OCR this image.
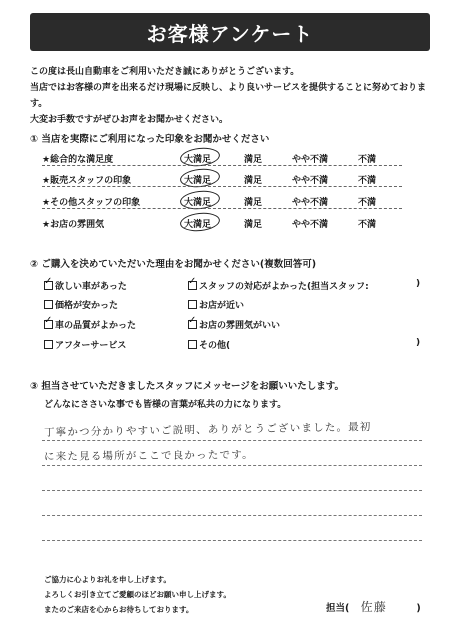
お客様アンケート
この度は長山自動車をご利用いただき誠にありがとうございます。
当店ではお客様の声を出来るだけ現場に反映し、より良いサービスを提供することに努めております。
大変お手数ですがぜひお声をお聞かせください。
① 当店を実際にご利用になった印象をお聞かせください
★総合的な満足度	大満足	満足	やや不満	不満
★販売スタッフの印象	大満足	満足	やや不満	不満
★その他スタッフの印象	大満足	満足	やや不満	不満
★お店の雰囲気	大満足	満足	やや不満	不満
② ご購入を決めていただいた理由をお聞かせください(複数回答可)
✓欲しい車があった ✓	スタッフの対応がよかった(担当スタッフ:	)
価格が安かった	お店が近い
✓車の品質がよかった ✓	お店の雰囲気がいい
アフターサービス	その他(	)
③ 担当させていただきましたスタッフにメッセージをお願いいたします。
どんなにささいな事でも皆様の言葉が私共の力になります。
丁寧かつ分かりやすいご説明、ありがとうございました。最初
に来た見る場所がここで良かったです。
ご協力に心よりお礼を申し上げます。
よろしくお引き立てご愛顧のほどお願い申し上げます。
またのご来店を心からお待ちしております。	担当( 佐藤	)
